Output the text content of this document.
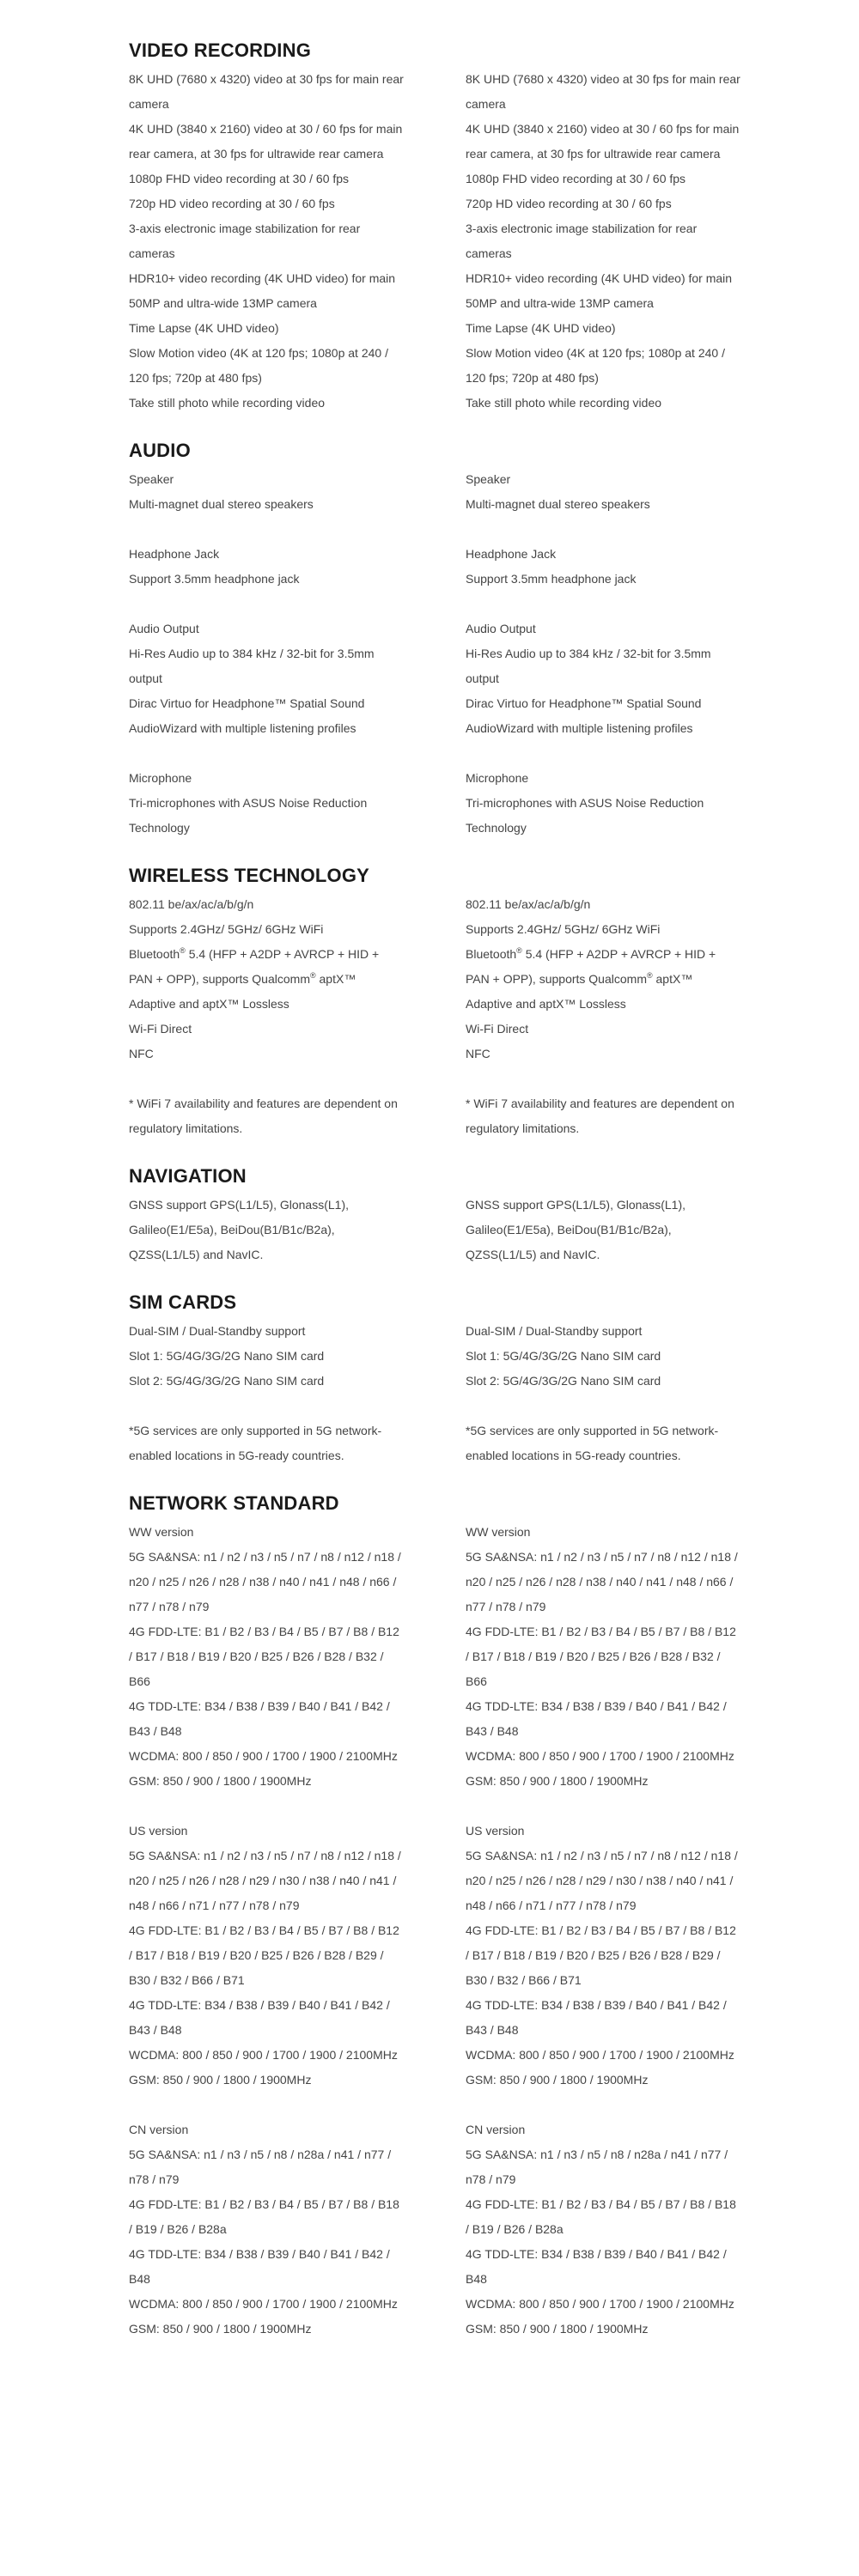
VIDEO RECORDING
8K UHD (7680 x 4320) video at 30 fps for main rear camera
4K UHD (3840 x 2160) video at 30 / 60 fps for main rear camera, at 30 fps for ultrawide rear camera
1080p FHD video recording at 30 / 60 fps
720p HD video recording at 30 / 60 fps
3-axis electronic image stabilization for rear cameras
HDR10+ video recording (4K UHD video) for main 50MP and ultra-wide 13MP camera
Time Lapse (4K UHD video)
Slow Motion video (4K at 120 fps; 1080p at 240 / 120 fps; 720p at 480 fps)
Take still photo while recording video
8K UHD (7680 x 4320) video at 30 fps for main rear camera
4K UHD (3840 x 2160) video at 30 / 60 fps for main rear camera, at 30 fps for ultrawide rear camera
1080p FHD video recording at 30 / 60 fps
720p HD video recording at 30 / 60 fps
3-axis electronic image stabilization for rear cameras
HDR10+ video recording (4K UHD video) for main 50MP and ultra-wide 13MP camera
Time Lapse (4K UHD video)
Slow Motion video (4K at 120 fps; 1080p at 240 / 120 fps; 720p at 480 fps)
Take still photo while recording video
AUDIO
Speaker
Multi-magnet dual stereo speakers
Headphone Jack
Support 3.5mm headphone jack
Audio Output
Hi-Res Audio up to 384 kHz / 32-bit for 3.5mm output
Dirac Virtuo for Headphone™ Spatial Sound
AudioWizard with multiple listening profiles
Microphone
Tri-microphones with ASUS Noise Reduction Technology
Speaker
Multi-magnet dual stereo speakers
Headphone Jack
Support 3.5mm headphone jack
Audio Output
Hi-Res Audio up to 384 kHz / 32-bit for 3.5mm output
Dirac Virtuo for Headphone™ Spatial Sound
AudioWizard with multiple listening profiles
Microphone
Tri-microphones with ASUS Noise Reduction Technology
WIRELESS TECHNOLOGY
802.11 be/ax/ac/a/b/g/n
Supports 2.4GHz/ 5GHz/ 6GHz WiFi
Bluetooth® 5.4 (HFP + A2DP + AVRCP + HID + PAN + OPP), supports Qualcomm® aptX™ Adaptive and aptX™ Lossless
Wi-Fi Direct
NFC
* WiFi 7 availability and features are dependent on regulatory limitations.
802.11 be/ax/ac/a/b/g/n
Supports 2.4GHz/ 5GHz/ 6GHz WiFi
Bluetooth® 5.4 (HFP + A2DP + AVRCP + HID + PAN + OPP), supports Qualcomm® aptX™ Adaptive and aptX™ Lossless
Wi-Fi Direct
NFC
* WiFi 7 availability and features are dependent on regulatory limitations.
NAVIGATION
GNSS support GPS(L1/L5), Glonass(L1), Galileo(E1/E5a), BeiDou(B1/B1c/B2a), QZSS(L1/L5) and NavIC.
GNSS support GPS(L1/L5), Glonass(L1), Galileo(E1/E5a), BeiDou(B1/B1c/B2a), QZSS(L1/L5) and NavIC.
SIM CARDS
Dual-SIM / Dual-Standby support
Slot 1: 5G/4G/3G/2G Nano SIM card
Slot 2: 5G/4G/3G/2G Nano SIM card
*5G services are only supported in 5G network-enabled locations in 5G-ready countries.
Dual-SIM / Dual-Standby support
Slot 1: 5G/4G/3G/2G Nano SIM card
Slot 2: 5G/4G/3G/2G Nano SIM card
*5G services are only supported in 5G network-enabled locations in 5G-ready countries.
NETWORK STANDARD
WW version
5G SA&NSA: n1 / n2 / n3 / n5 / n7 / n8 / n12 / n18 / n20 / n25 / n26 / n28 / n38 / n40 / n41 / n48 / n66 / n77 / n78 / n79
4G FDD-LTE: B1 / B2 / B3 / B4 / B5 / B7 / B8 / B12 / B17 / B18 / B19 / B20 / B25 / B26 / B28 / B32 / B66
4G TDD-LTE: B34 / B38 / B39 / B40 / B41 / B42 / B43 / B48
WCDMA: 800 / 850 / 900 / 1700 / 1900 / 2100MHz
GSM: 850 / 900 / 1800 / 1900MHz
US version
5G SA&NSA: n1 / n2 / n3 / n5 / n7 / n8 / n12 / n18 / n20 / n25 / n26 / n28 / n29 / n30 / n38 / n40 / n41 / n48 / n66 / n71 / n77 / n78 / n79
4G FDD-LTE: B1 / B2 / B3 / B4 / B5 / B7 / B8 / B12 / B17 / B18 / B19 / B20 / B25 / B26 / B28 / B29 / B30 / B32 / B66 / B71
4G TDD-LTE: B34 / B38 / B39 / B40 / B41 / B42 / B43 / B48
WCDMA: 800 / 850 / 900 / 1700 / 1900 / 2100MHz
GSM: 850 / 900 / 1800 / 1900MHz
CN version
5G SA&NSA: n1 / n3 / n5 / n8 / n28a / n41 / n77 / n78 / n79
4G FDD-LTE: B1 / B2 / B3 / B4 / B5 / B7 / B8 / B18 / B19 / B26 / B28a
4G TDD-LTE: B34 / B38 / B39 / B40 / B41 / B42 / B48
WCDMA: 800 / 850 / 900 / 1700 / 1900 / 2100MHz
GSM: 850 / 900 / 1800 / 1900MHz
WW version
5G SA&NSA: n1 / n2 / n3 / n5 / n7 / n8 / n12 / n18 / n20 / n25 / n26 / n28 / n38 / n40 / n41 / n48 / n66 / n77 / n78 / n79
4G FDD-LTE: B1 / B2 / B3 / B4 / B5 / B7 / B8 / B12 / B17 / B18 / B19 / B20 / B25 / B26 / B28 / B32 / B66
4G TDD-LTE: B34 / B38 / B39 / B40 / B41 / B42 / B43 / B48
WCDMA: 800 / 850 / 900 / 1700 / 1900 / 2100MHz
GSM: 850 / 900 / 1800 / 1900MHz
US version
5G SA&NSA: n1 / n2 / n3 / n5 / n7 / n8 / n12 / n18 / n20 / n25 / n26 / n28 / n29 / n30 / n38 / n40 / n41 / n48 / n66 / n71 / n77 / n78 / n79
4G FDD-LTE: B1 / B2 / B3 / B4 / B5 / B7 / B8 / B12 / B17 / B18 / B19 / B20 / B25 / B26 / B28 / B29 / B30 / B32 / B66 / B71
4G TDD-LTE: B34 / B38 / B39 / B40 / B41 / B42 / B43 / B48
WCDMA: 800 / 850 / 900 / 1700 / 1900 / 2100MHz
GSM: 850 / 900 / 1800 / 1900MHz
CN version
5G SA&NSA: n1 / n3 / n5 / n8 / n28a / n41 / n77 / n78 / n79
4G FDD-LTE: B1 / B2 / B3 / B4 / B5 / B7 / B8 / B18 / B19 / B26 / B28a
4G TDD-LTE: B34 / B38 / B39 / B40 / B41 / B42 / B48
WCDMA: 800 / 850 / 900 / 1700 / 1900 / 2100MHz
GSM: 850 / 900 / 1800 / 1900MHz
